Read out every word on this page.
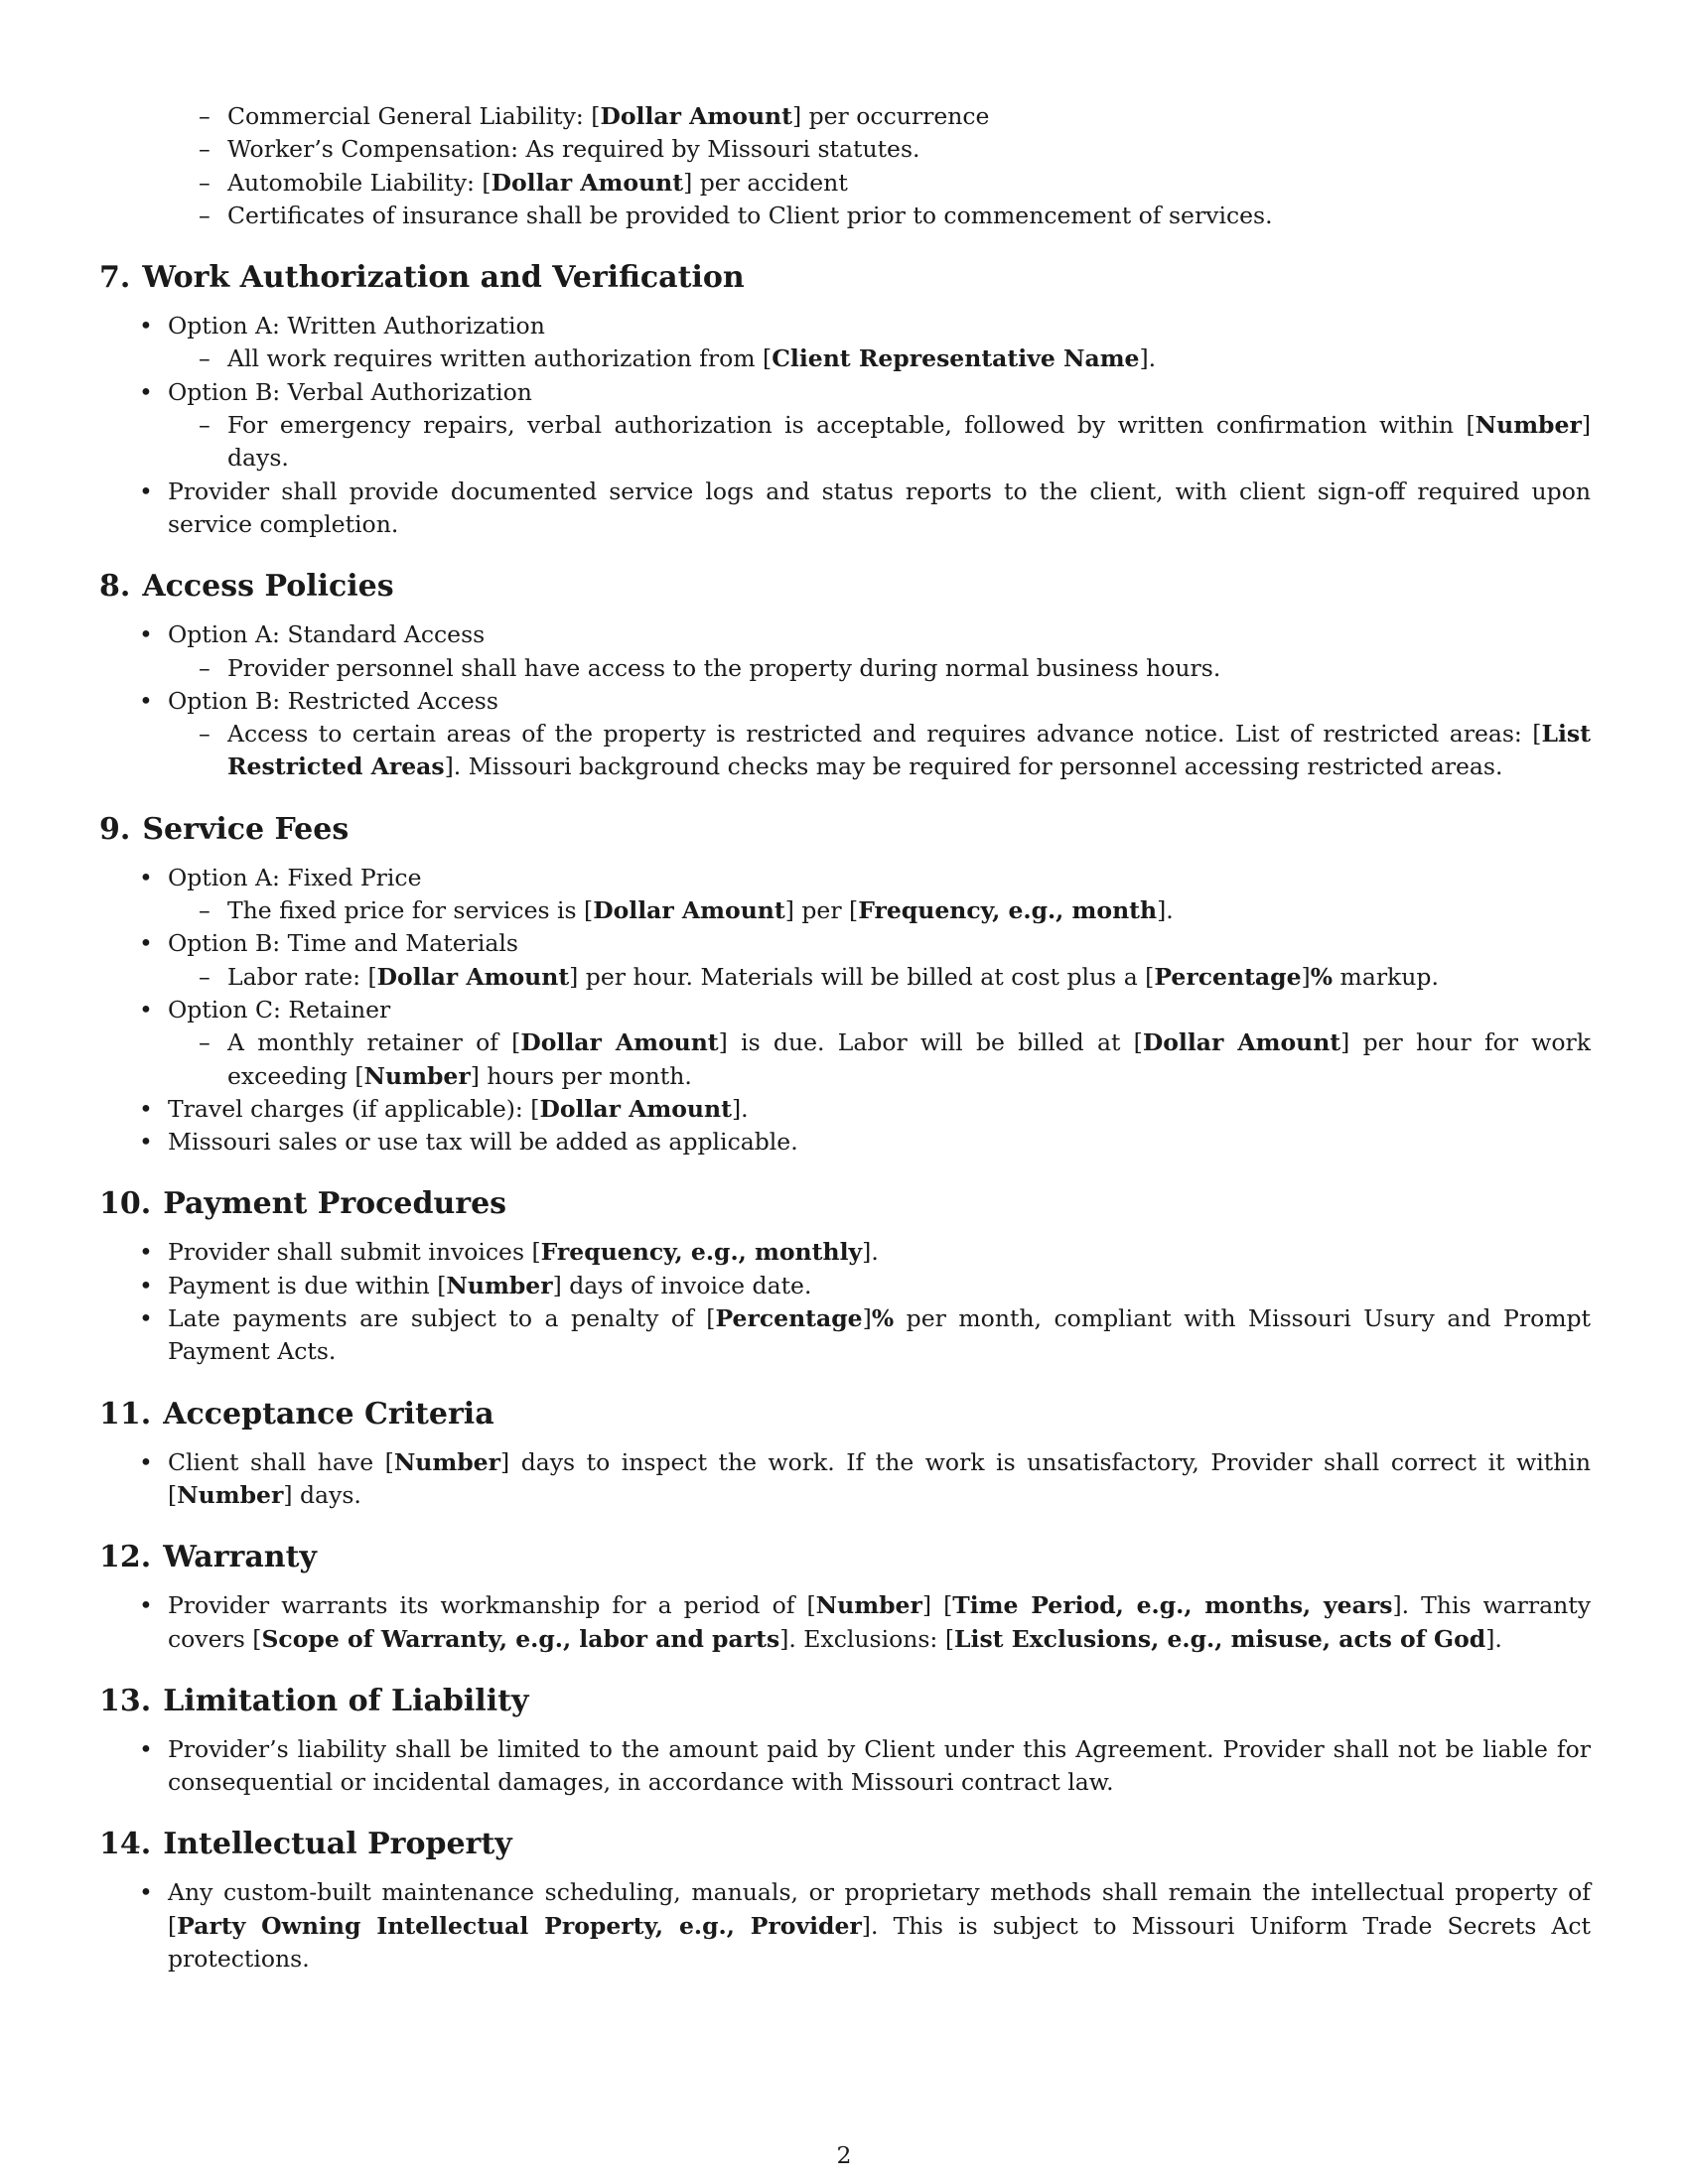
– Commercial General Liability: [Dollar Amount] per occurrence
– Worker’s Compensation: As required by Missouri statutes.
– Automobile Liability: [Dollar Amount] per accident
– Certificates of insurance shall be provided to Client prior to commencement of services.
7. Work Authorization and Verification
• Option A: Written Authorization
– All work requires written authorization from [Client Representative Name].
• Option B: Verbal Authorization
– For emergency repairs, verbal authorization is acceptable, followed by written confirmation within [Number] days.
• Provider shall provide documented service logs and status reports to the client, with client sign-off required upon service completion.
8. Access Policies
• Option A: Standard Access
– Provider personnel shall have access to the property during normal business hours.
• Option B: Restricted Access
– Access to certain areas of the property is restricted and requires advance notice. List of restricted areas: [List Restricted Areas]. Missouri background checks may be required for personnel accessing restricted areas.
9. Service Fees
• Option A: Fixed Price
– The fixed price for services is [Dollar Amount] per [Frequency, e.g., month].
• Option B: Time and Materials
– Labor rate: [Dollar Amount] per hour. Materials will be billed at cost plus a [Percentage]% markup.
• Option C: Retainer
– A monthly retainer of [Dollar Amount] is due. Labor will be billed at [Dollar Amount] per hour for work exceeding [Number] hours per month.
• Travel charges (if applicable): [Dollar Amount].
• Missouri sales or use tax will be added as applicable.
10. Payment Procedures
• Provider shall submit invoices [Frequency, e.g., monthly].
• Payment is due within [Number] days of invoice date.
• Late payments are subject to a penalty of [Percentage]% per month, compliant with Missouri Usury and Prompt Payment Acts.
11. Acceptance Criteria
• Client shall have [Number] days to inspect the work. If the work is unsatisfactory, Provider shall correct it within [Number] days.
12. Warranty
• Provider warrants its workmanship for a period of [Number] [Time Period, e.g., months, years]. This warranty covers [Scope of Warranty, e.g., labor and parts]. Exclusions: [List Exclusions, e.g., misuse, acts of God].
13. Limitation of Liability
• Provider’s liability shall be limited to the amount paid by Client under this Agreement. Provider shall not be liable for consequential or incidental damages, in accordance with Missouri contract law.
14. Intellectual Property
• Any custom-built maintenance scheduling, manuals, or proprietary methods shall remain the intellectual property of [Party Owning Intellectual Property, e.g., Provider]. This is subject to Missouri Uniform Trade Secrets Act protections.
2
